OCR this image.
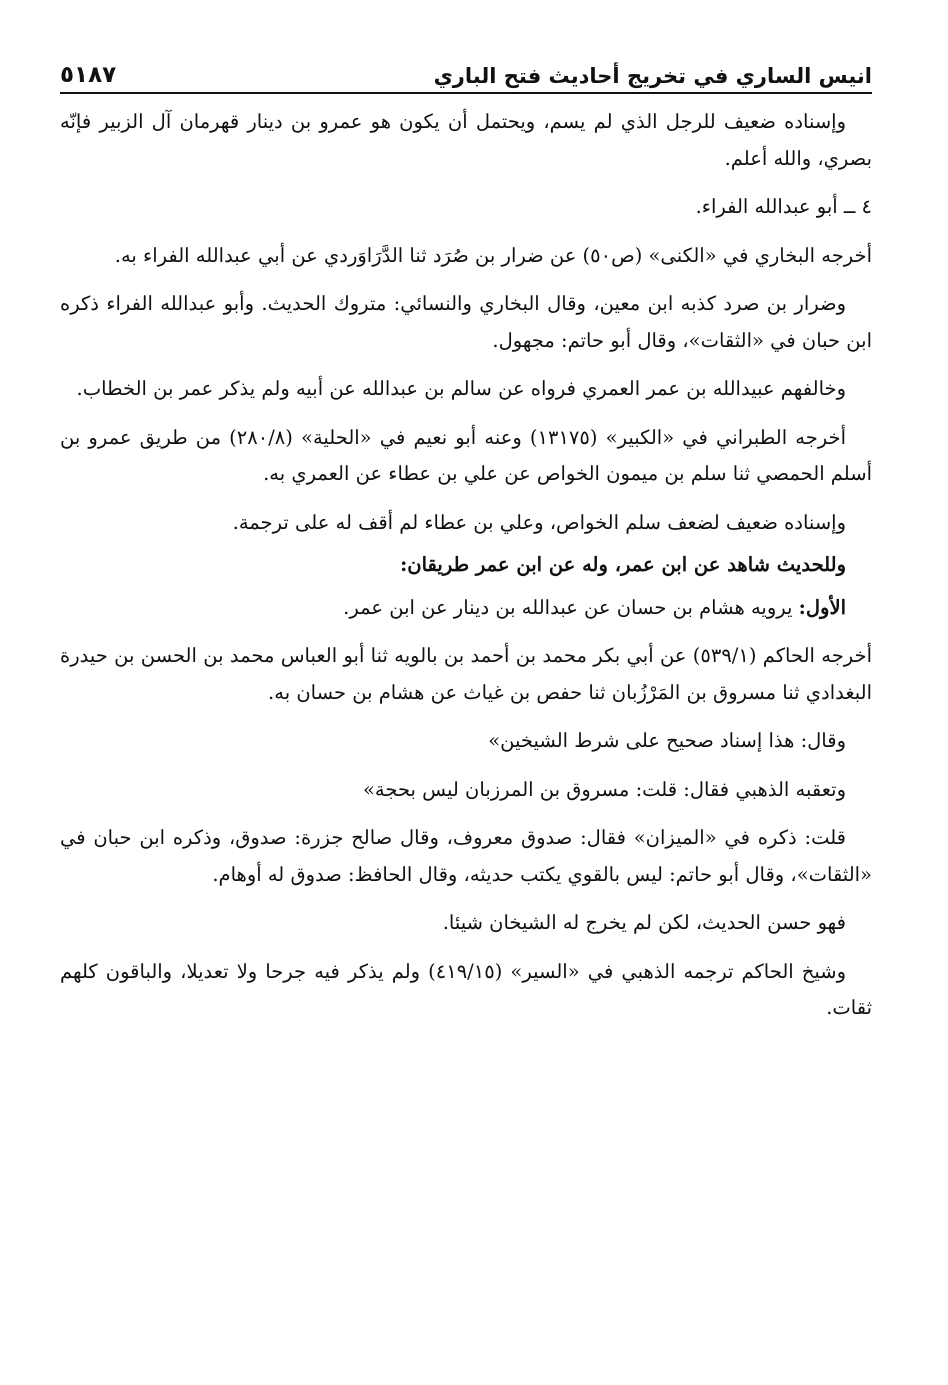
انيس الساري في تخريج أحاديث فتح الباري
٥١٨٧

وإسناده ضعيف للرجل الذي لم يسم، ويحتمل أن يكون هو عمرو بن دينار قهرمان آل الزبير فإنّه بصري، والله أعلم.

٤ ــ أبو عبدالله الفراء.

أخرجه البخاري في «الكنى» (ص٥٠) عن ضرار بن صُرَد ثنا الدَّرَاوَردي عن أبي عبدالله الفراء به.

وضرار بن صرد كذبه ابن معين، وقال البخاري والنسائي: متروك الحديث. وأبو عبدالله الفراء ذكره ابن حبان في «الثقات»، وقال أبو حاتم: مجهول.

وخالفهم عبيدالله بن عمر العمري فرواه عن سالم بن عبدالله عن أبيه ولم يذكر عمر بن الخطاب.

أخرجه الطبراني في «الكبير» (١٣١٧٥) وعنه أبو نعيم في «الحلية» (٢٨٠/٨) من طريق عمرو بن أسلم الحمصي ثنا سلم بن ميمون الخواص عن علي بن عطاء عن العمري به.

وإسناده ضعيف لضعف سلم الخواص، وعلي بن عطاء لم أقف له على ترجمة.

وللحديث شاهد عن ابن عمر، وله عن ابن عمر طريقان:

الأول: يرويه هشام بن حسان عن عبدالله بن دينار عن ابن عمر.

أخرجه الحاكم (٥٣٩/١) عن أبي بكر محمد بن أحمد بن بالويه ثنا أبو العباس محمد بن الحسن بن حيدرة البغدادي ثنا مسروق بن المَرْزُبان ثنا حفص بن غياث عن هشام بن حسان به.

وقال: هذا إسناد صحيح على شرط الشيخين»

وتعقبه الذهبي فقال: قلت: مسروق بن المرزبان ليس بحجة»

قلت: ذكره في «الميزان» فقال: صدوق معروف، وقال صالح جزرة: صدوق، وذكره ابن حبان في «الثقات»، وقال أبو حاتم: ليس بالقوي يكتب حديثه، وقال الحافظ: صدوق له أوهام.

فهو حسن الحديث، لكن لم يخرج له الشيخان شيئا.

وشيخ الحاكم ترجمه الذهبي في «السير» (٤١٩/١٥) ولم يذكر فيه جرحا ولا تعديلا، والباقون كلهم ثقات.
